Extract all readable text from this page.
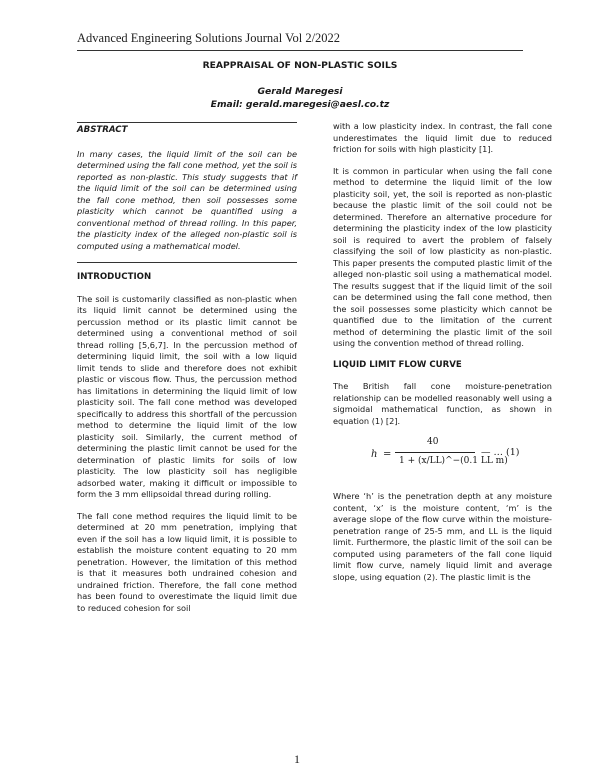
Advanced Engineering Solutions Journal Vol 2/2022
REAPPRAISAL OF NON-PLASTIC SOILS
Gerald Maregesi
Email: gerald.maregesi@aesl.co.tz
ABSTRACT

In many cases, the liquid limit of the soil can be determined using the fall cone method, yet the soil is reported as non-plastic. This study suggests that if the liquid limit of the soil can be determined using the fall cone method, then soil possesses some plasticity which cannot be quantified using a conventional method of thread rolling. In this paper, the plasticity index of the alleged non-plastic soil is computed using a mathematical model.

INTRODUCTION

The soil is customarily classified as non-plastic when its liquid limit cannot be determined using the percussion method or its plastic limit cannot be determined using a conventional method of soil thread rolling [5,6,7]. In the percussion method of determining liquid limit, the soil with a low liquid limit tends to slide and therefore does not exhibit plastic or viscous flow. Thus, the percussion method has limitations in determining the liquid limit of low plasticity soil. The fall cone method was developed specifically to address this shortfall of the percussion method to determine the liquid limit of the low plasticity soil. Similarly, the current method of determining the plastic limit cannot be used for the determination of plastic limits for soils of low plasticity. The low plasticity soil has negligible adsorbed water, making it difficult or impossible to form the 3 mm ellipsoidal thread during rolling.

The fall cone method requires the liquid limit to be determined at 20 mm penetration, implying that even if the soil has a low liquid limit, it is possible to establish the moisture content equating to 20 mm penetration. However, the limitation of this method is that it measures both undrained cohesion and undrained friction. Therefore, the fall cone method has been found to overestimate the liquid limit due to reduced cohesion for soil

with a low plasticity index. In contrast, the fall cone underestimates the liquid limit due to reduced friction for soils with high plasticity [1].

It is common in particular when using the fall cone method to determine the liquid limit of the low plasticity soil, yet, the soil is reported as non-plastic because the plastic limit of the soil could not be determined. Therefore an alternative procedure for determining the plasticity index of the low plasticity soil is required to avert the problem of falsely classifying the soil of low plasticity as non-plastic. This paper presents the computed plastic limit of the alleged non-plastic soil using a mathematical model. The results suggest that if the liquid limit of the soil can be determined using the fall cone method, then the soil possesses some plasticity which cannot be quantified due to the limitation of the current method of determining the plastic limit of the soil using the convention method of thread rolling.

LIQUID LIMIT FLOW CURVE

The British fall cone moisture-penetration relationship can be modelled reasonably well using a sigmoidal mathematical function, as shown in equation (1) [2].

h =
40
1 + (x/LL)^−(0.1 LL m)
— … (1)

Where ‘h’ is the penetration depth at any moisture content, ‘x’ is the moisture content, ‘m’ is the average slope of the flow curve within the moisture-penetration range of 25-5 mm, and LL is the liquid limit. Furthermore, the plastic limit of the soil can be computed using parameters of the fall cone liquid limit flow curve, namely liquid limit and average slope, using equation (2). The plastic limit is the

1
